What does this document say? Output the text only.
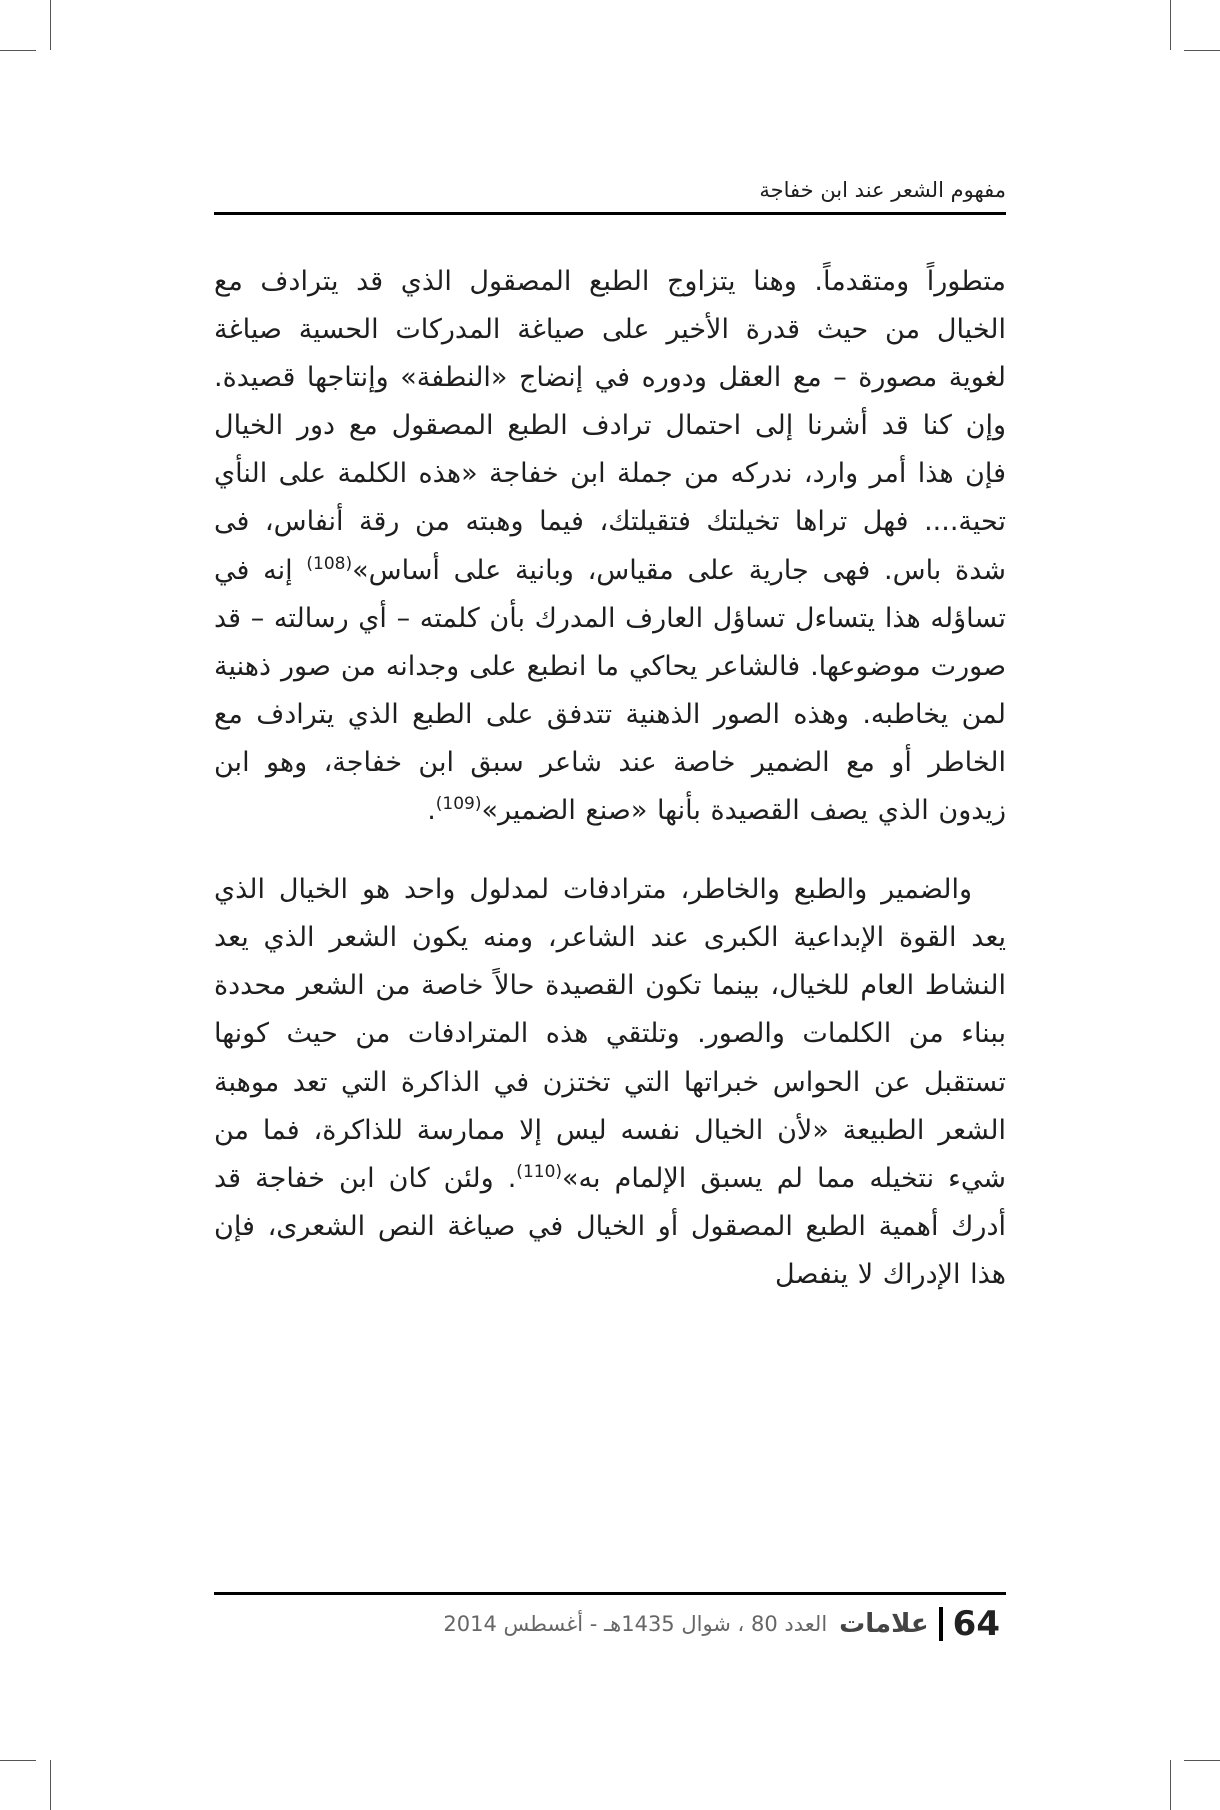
مفهوم الشعر عند ابن خفاجة

متطوراً ومتقدماً. وهنا يتزاوج الطبع المصقول الذي قد يترادف مع الخيال من حيث قدرة الأخير على صياغة المدركات الحسية صياغة لغوية مصورة – مع العقل ودوره في إنضاج «النطفة» وإنتاجها قصيدة. وإن كنا قد أشرنا إلى احتمال ترادف الطبع المصقول مع دور الخيال فإن هذا أمر وارد، ندركه من جملة ابن خفاجة «هذه الكلمة على النأي تحية.... فهل تراها تخيلتك فتقيلتك، فيما وهبته من رقة أنفاس، فى شدة باس. فهى جارية على مقياس، وبانية على أساس»$^{(108)}$ إنه في تساؤله هذا يتساءل تساؤل العارف المدرك بأن كلمته – أي رسالته – قد صورت موضوعها. فالشاعر يحاكي ما انطبع على وجدانه من صور ذهنية لمن يخاطبه. وهذه الصور الذهنية تتدفق على الطبع الذي يترادف مع الخاطر أو مع الضمير خاصة عند شاعر سبق ابن خفاجة، وهو ابن زيدون الذي يصف القصيدة بأنها «صنع الضمير»$^{(109)}$.

والضمير والطبع والخاطر، مترادفات لمدلول واحد هو الخيال الذي يعد القوة الإبداعية الكبرى عند الشاعر، ومنه يكون الشعر الذي يعد النشاط العام للخيال، بينما تكون القصيدة حالاً خاصة من الشعر محددة ببناء من الكلمات والصور. وتلتقي هذه المترادفات من حيث كونها تستقبل عن الحواس خبراتها التي تختزن في الذاكرة التي تعد موهبة الشعر الطبيعة «لأن الخيال نفسه ليس إلا ممارسة للذاكرة، فما من شيء نتخيله مما لم يسبق الإلمام به»$^{(110)}$. ولئن كان ابن خفاجة قد أدرك أهمية الطبع المصقول أو الخيال في صياغة النص الشعرى، فإن هذا الإدراك لا ينفصل

64علاماتالعدد 80 ، شوال 1435هـ - أغسطس 2014
